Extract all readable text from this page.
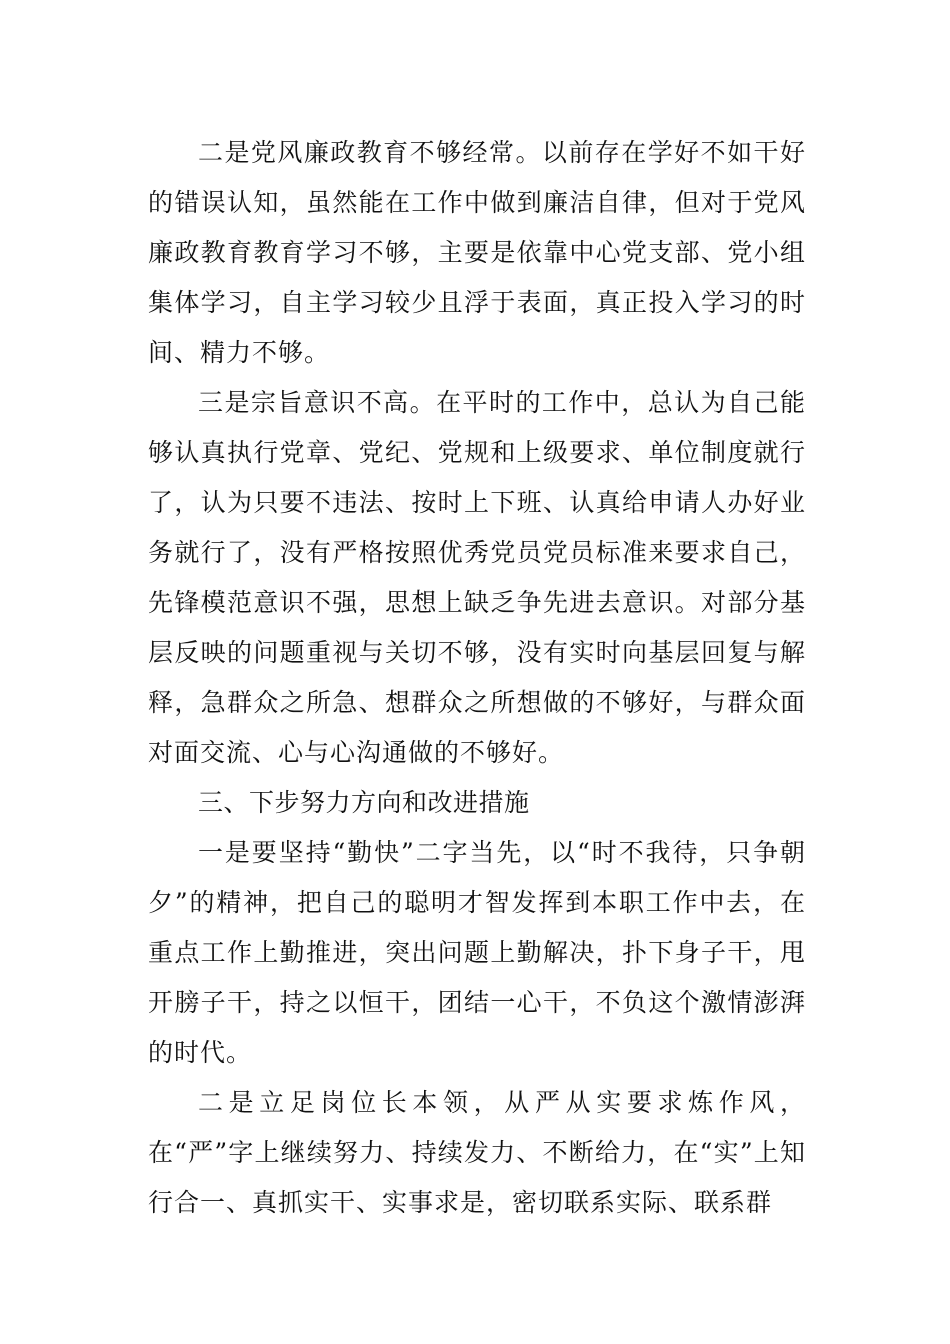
二是党风廉政教育不够经常。以前存在学好不如干好的错误认知，虽然能在工作中做到廉洁自律，但对于党风廉政教育教育学习不够，主要是依靠中心党支部、党小组集体学习，自主学习较少且浮于表面，真正投入学习的时间、精力不够。

三是宗旨意识不高。在平时的工作中，总认为自己能够认真执行党章、党纪、党规和上级要求、单位制度就行了，认为只要不违法、按时上下班、认真给申请人办好业务就行了，没有严格按照优秀党员党员标准来要求自己，先锋模范意识不强，思想上缺乏争先进去意识。对部分基层反映的问题重视与关切不够，没有实时向基层回复与解释，急群众之所急、想群众之所想做的不够好，与群众面对面交流、心与心沟通做的不够好。

三、下步努力方向和改进措施

一是要坚持“勤快”二字当先，以“时不我待，只争朝夕”的精神，把自己的聪明才智发挥到本职工作中去，在重点工作上勤推进，突出问题上勤解决，扑下身子干，甩开膀子干，持之以恒干，团结一心干，不负这个激情澎湃的时代。

二是立足岗位长本领，从严从实要求炼作风，在“严”字上继续努力、持续发力、不断给力，在“实”上知行合一、真抓实干、实事求是，密切联系实际、联系群
